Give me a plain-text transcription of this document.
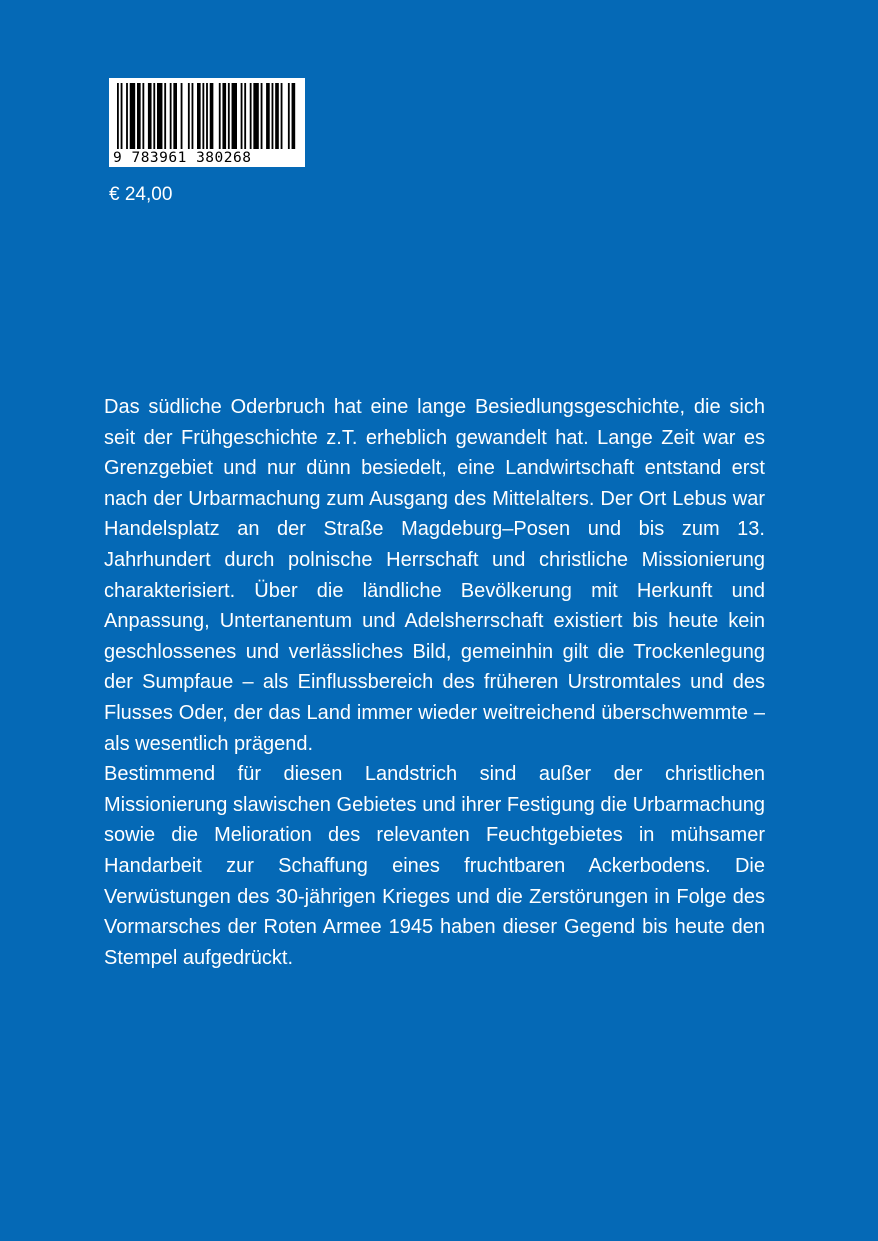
9 783961 380268
€ 24,00

Das südliche Oderbruch hat eine lange Besiedlungsgeschichte, die sich seit der Frühgeschichte z.T. erheblich gewandelt hat. Lange Zeit war es Grenzgebiet und nur dünn besiedelt, eine Landwirtschaft entstand erst nach der Urbarmachung zum Ausgang des Mittelalters. Der Ort Lebus war Handelsplatz an der Straße Magdeburg–Posen und bis zum 13. Jahrhundert durch polnische Herrschaft und christliche Missionierung charakterisiert. Über die ländliche Bevölkerung mit Herkunft und Anpassung, Untertanentum und Adelsherrschaft existiert bis heute kein geschlossenes und verlässliches Bild, gemeinhin gilt die Trockenlegung der Sumpfaue – als Einflussbereich des früheren Urstromtales und des Flusses Oder, der das Land immer wieder weitreichend überschwemmte – als wesentlich prägend.

Bestimmend für diesen Landstrich sind außer der christlichen Missionierung slawischen Gebietes und ihrer Festigung die Urbarmachung sowie die Melioration des relevanten Feuchtgebietes in mühsamer Handarbeit zur Schaffung eines fruchtbaren Ackerbodens. Die Verwüstungen des 30-jährigen Krieges und die Zerstörungen in Folge des Vormarsches der Roten Armee 1945 haben dieser Gegend bis heute den Stempel aufgedrückt.
